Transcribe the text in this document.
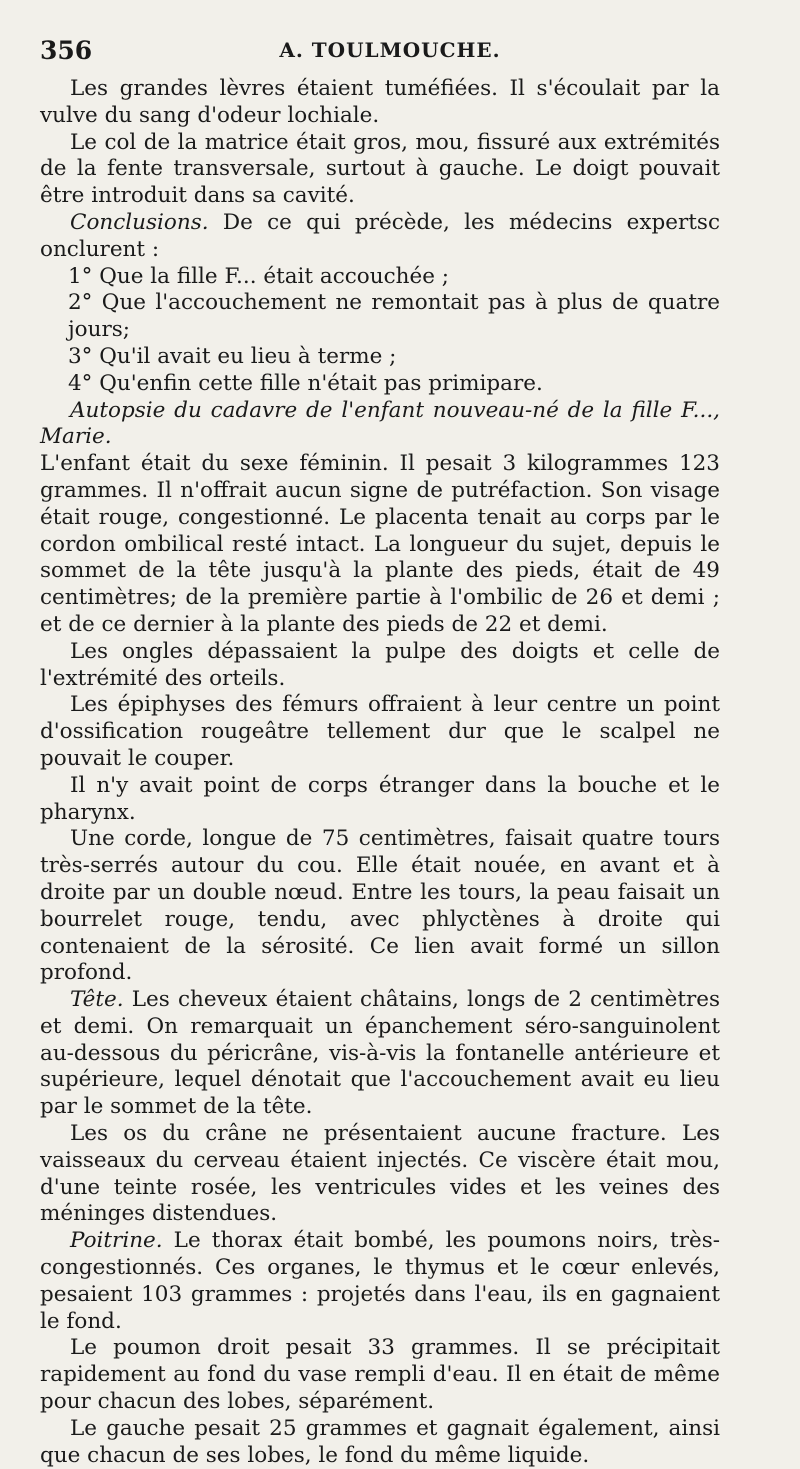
356	A. TOULMOUCHE.

Les grandes lèvres étaient tuméfiées. Il s'écoulait par la vulve du sang d'odeur lochiale.

Le col de la matrice était gros, mou, fissuré aux extrémités de la fente transversale, surtout à gauche. Le doigt pouvait être introduit dans sa cavité.

Conclusions. De ce qui précède, les médecins expertsc onclurent :

1° Que la fille F... était accouchée ;

2° Que l'accouchement ne remontait pas à plus de quatre jours;

3° Qu'il avait eu lieu à terme ;

4° Qu'enfin cette fille n'était pas primipare.

Autopsie du cadavre de l'enfant nouveau-né de la fille F..., Marie.

L'enfant était du sexe féminin. Il pesait 3 kilogrammes 123 grammes. Il n'offrait aucun signe de putréfaction. Son visage était rouge, congestionné. Le placenta tenait au corps par le cordon ombilical resté intact. La longueur du sujet, depuis le sommet de la tête jusqu'à la plante des pieds, était de 49 centimètres; de la première partie à l'ombilic de 26 et demi ; et de ce dernier à la plante des pieds de 22 et demi.

Les ongles dépassaient la pulpe des doigts et celle de l'extrémité des orteils.

Les épiphyses des fémurs offraient à leur centre un point d'ossification rougeâtre tellement dur que le scalpel ne pouvait le couper.

Il n'y avait point de corps étranger dans la bouche et le pharynx.

Une corde, longue de 75 centimètres, faisait quatre tours très-serrés autour du cou. Elle était nouée, en avant et à droite par un double nœud. Entre les tours, la peau faisait un bourrelet rouge, tendu, avec phlyctènes à droite qui contenaient de la sérosité. Ce lien avait formé un sillon profond.

Tête. Les cheveux étaient châtains, longs de 2 centimètres et demi. On remarquait un épanchement séro-sanguinolent au-dessous du péricrâne, vis-à-vis la fontanelle antérieure et supérieure, lequel dénotait que l'accouchement avait eu lieu par le sommet de la tête.

Les os du crâne ne présentaient aucune fracture. Les vaisseaux du cerveau étaient injectés. Ce viscère était mou, d'une teinte rosée, les ventricules vides et les veines des méninges distendues.

Poitrine. Le thorax était bombé, les poumons noirs, très-congestionnés. Ces organes, le thymus et le cœur enlevés, pesaient 103 grammes : projetés dans l'eau, ils en gagnaient le fond.

Le poumon droit pesait 33 grammes. Il se précipitait rapidement au fond du vase rempli d'eau. Il en était de même pour chacun des lobes, séparément.

Le gauche pesait 25 grammes et gagnait également, ainsi que chacun de ses lobes, le fond du même liquide.
